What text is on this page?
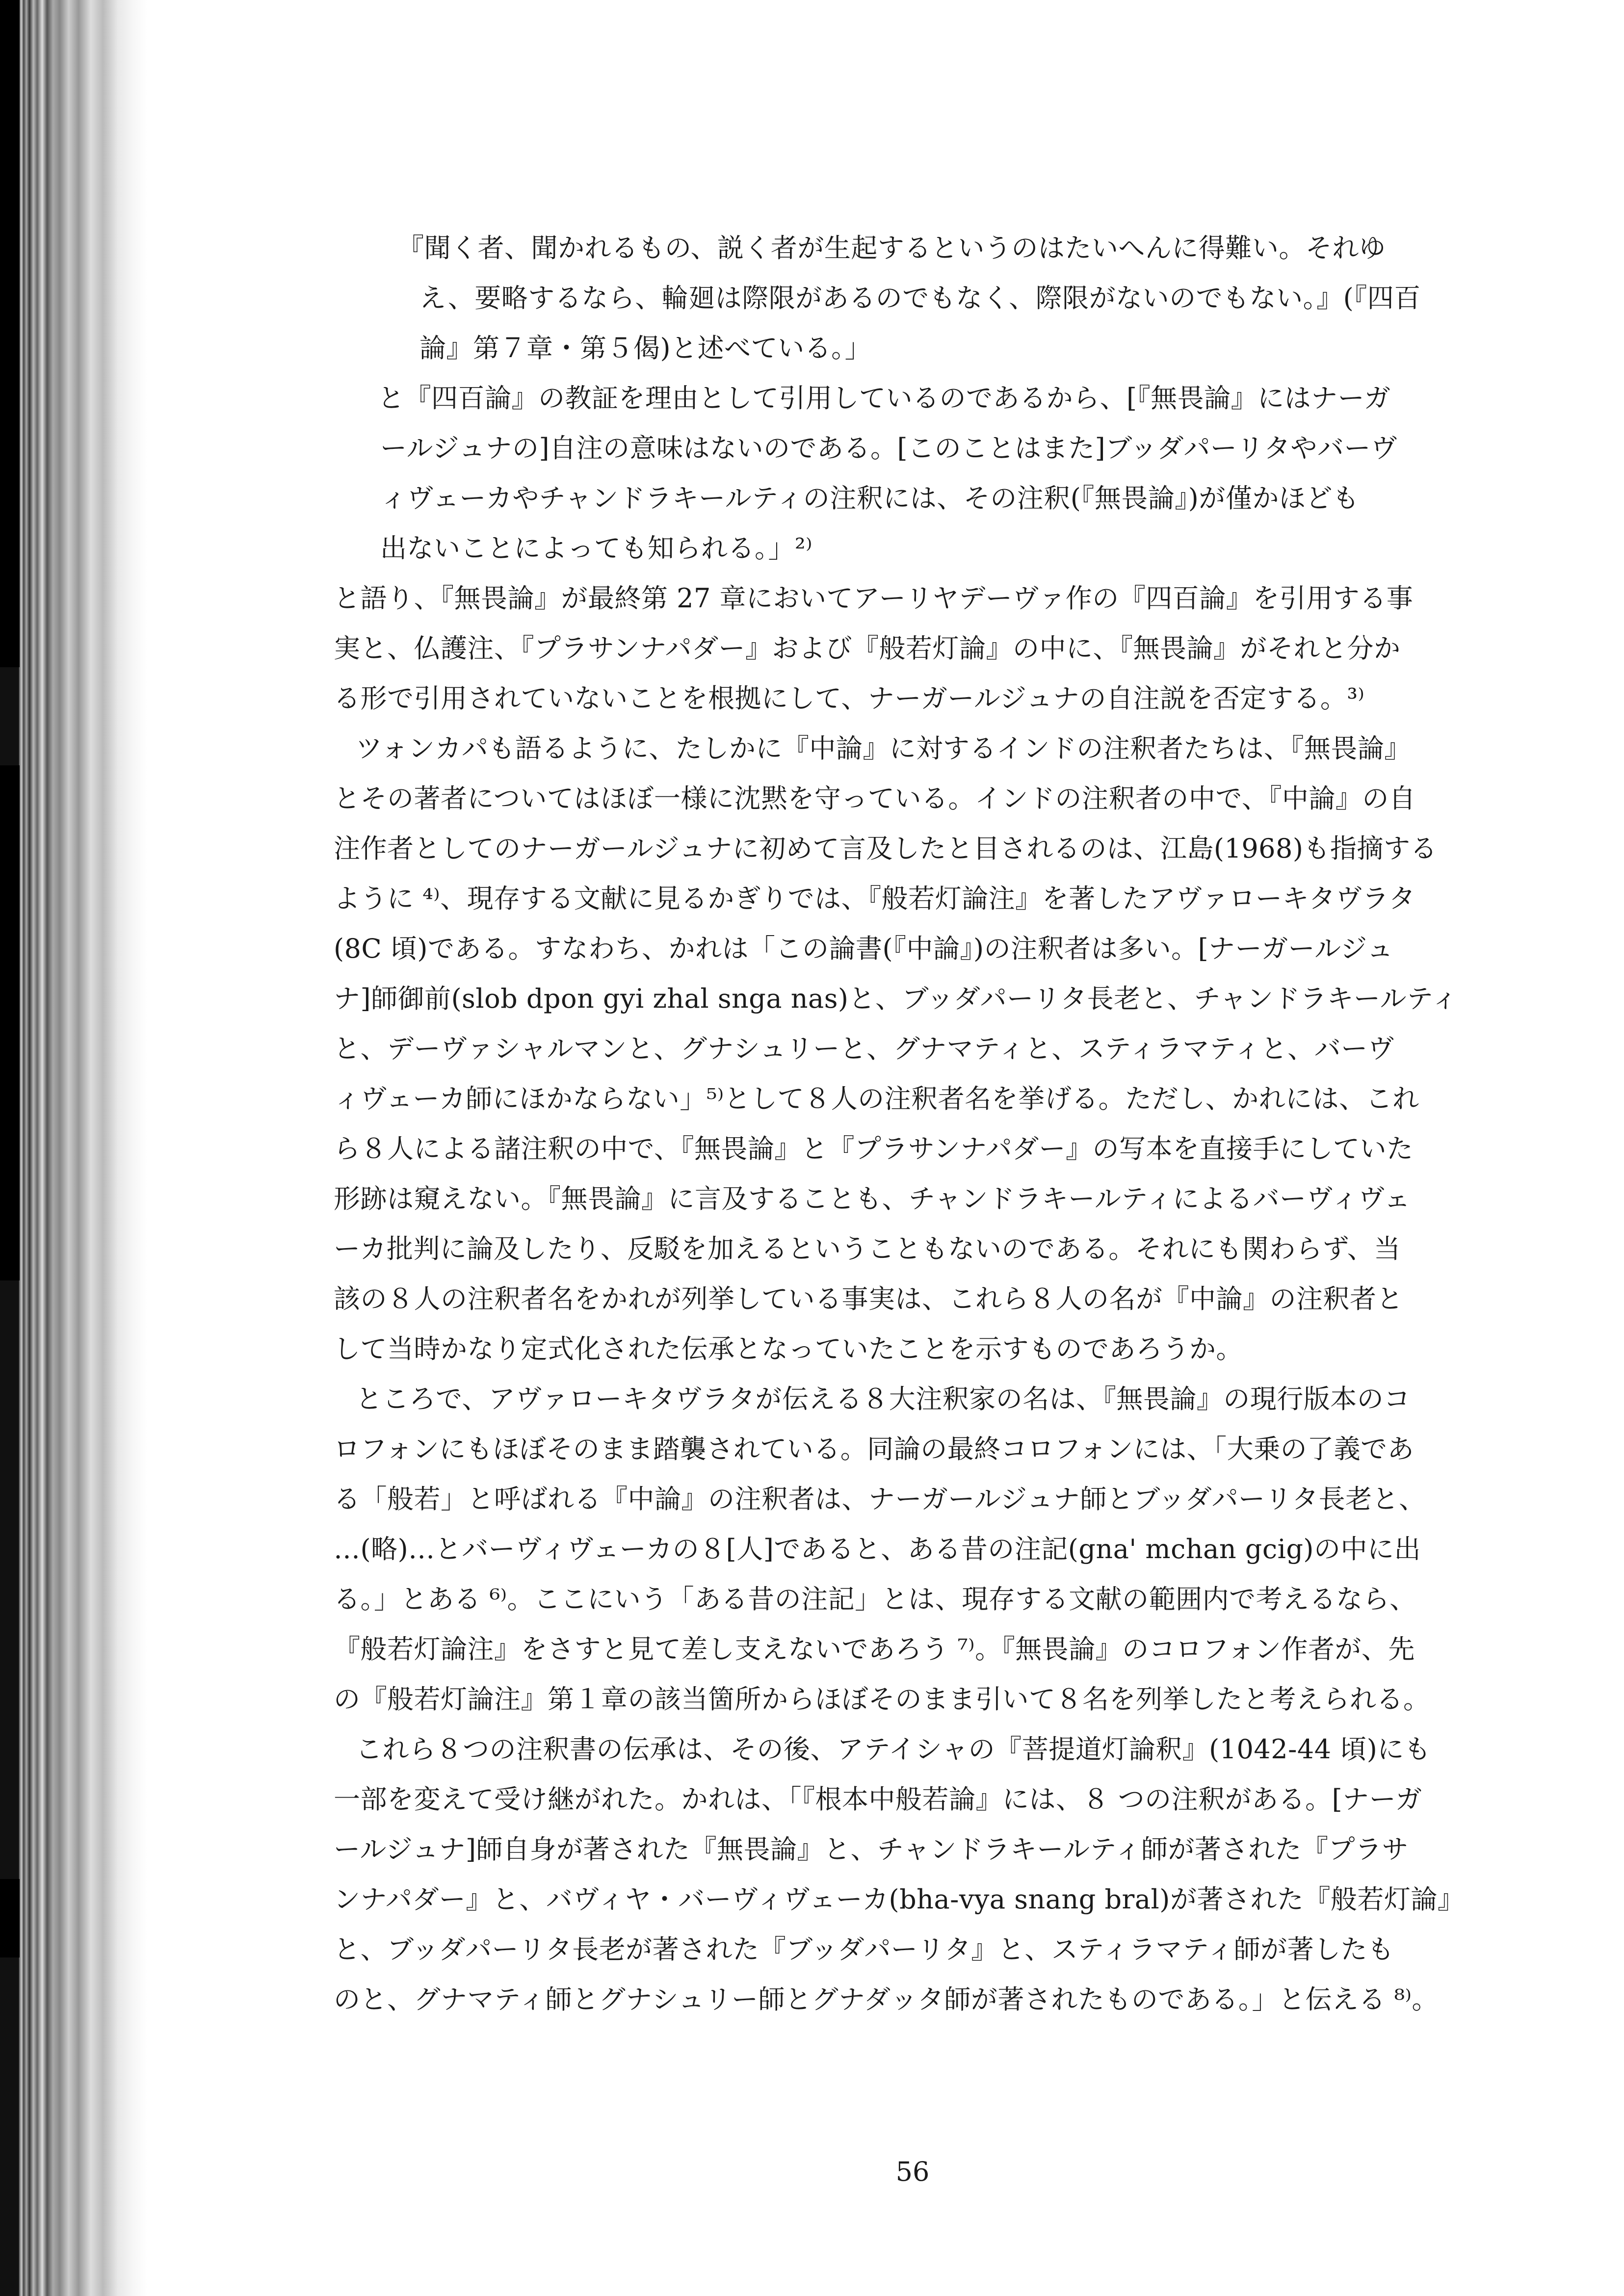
『聞く者、聞かれるもの、説く者が生起するというのはたいへんに得難い。それゆ
え、要略するなら、輪廻は際限があるのでもなく、際限がないのでもない。』(『四百
論』第７章・第５偈)と述べている。」
と『四百論』の教証を理由として引用しているのであるから、[『無畏論』にはナーガ
ールジュナの]自注の意味はないのである。[このことはまた]ブッダパーリタやバーヴ
ィヴェーカやチャンドラキールティの注釈には、その注釈(『無畏論』)が僅かほども
出ないことによっても知られる。」²⁾
と語り、『無畏論』が最終第 27 章においてアーリヤデーヴァ作の『四百論』を引用する事
実と、仏護注、『プラサンナパダー』および『般若灯論』の中に、『無畏論』がそれと分か
る形で引用されていないことを根拠にして、ナーガールジュナの自注説を否定する。³⁾
ツォンカパも語るように、たしかに『中論』に対するインドの注釈者たちは、『無畏論』
とその著者についてはほぼ一様に沈黙を守っている。インドの注釈者の中で、『中論』の自
注作者としてのナーガールジュナに初めて言及したと目されるのは、江島(1968)も指摘する
ように ⁴⁾、現存する文献に見るかぎりでは、『般若灯論注』を著したアヴァローキタヴラタ
(8C 頃)である。すなわち、かれは「この論書(『中論』)の注釈者は多い。[ナーガールジュ
ナ]師御前(slob dpon gyi zhal snga nas)と、ブッダパーリタ長老と、チャンドラキールティ
と、デーヴァシャルマンと、グナシュリーと、グナマティと、スティラマティと、バーヴ
ィヴェーカ師にほかならない」⁵⁾として８人の注釈者名を挙げる。ただし、かれには、これ
ら８人による諸注釈の中で、『無畏論』と『プラサンナパダー』の写本を直接手にしていた
形跡は窺えない。『無畏論』に言及することも、チャンドラキールティによるバーヴィヴェ
ーカ批判に論及したり、反駁を加えるということもないのである。それにも関わらず、当
該の８人の注釈者名をかれが列挙している事実は、これら８人の名が『中論』の注釈者と
して当時かなり定式化された伝承となっていたことを示すものであろうか。
ところで、アヴァローキタヴラタが伝える８大注釈家の名は、『無畏論』の現行版本のコ
ロフォンにもほぼそのまま踏襲されている。同論の最終コロフォンには、「大乗の了義であ
る「般若」と呼ばれる『中論』の注釈者は、ナーガールジュナ師とブッダパーリタ長老と、
…(略)…とバーヴィヴェーカの８[人]であると、ある昔の注記(gna' mchan gcig)の中に出
る。」とある ⁶⁾。ここにいう「ある昔の注記」とは、現存する文献の範囲内で考えるなら、
『般若灯論注』をさすと見て差し支えないであろう ⁷⁾。『無畏論』のコロフォン作者が、先
の『般若灯論注』第１章の該当箇所からほぼそのまま引いて８名を列挙したと考えられる。
これら８つの注釈書の伝承は、その後、アテイシャの『菩提道灯論釈』(1042-44 頃)にも
一部を変えて受け継がれた。かれは、「『根本中般若論』には、８ つの注釈がある。[ナーガ
ールジュナ]師自身が著された『無畏論』と、チャンドラキールティ師が著された『プラサ
ンナパダー』と、バヴィヤ・バーヴィヴェーカ(bha-vya snang bral)が著された『般若灯論』
と、ブッダパーリタ長老が著された『ブッダパーリタ』と、スティラマティ師が著したも
のと、グナマティ師とグナシュリー師とグナダッタ師が著されたものである。」と伝える ⁸⁾。
56
